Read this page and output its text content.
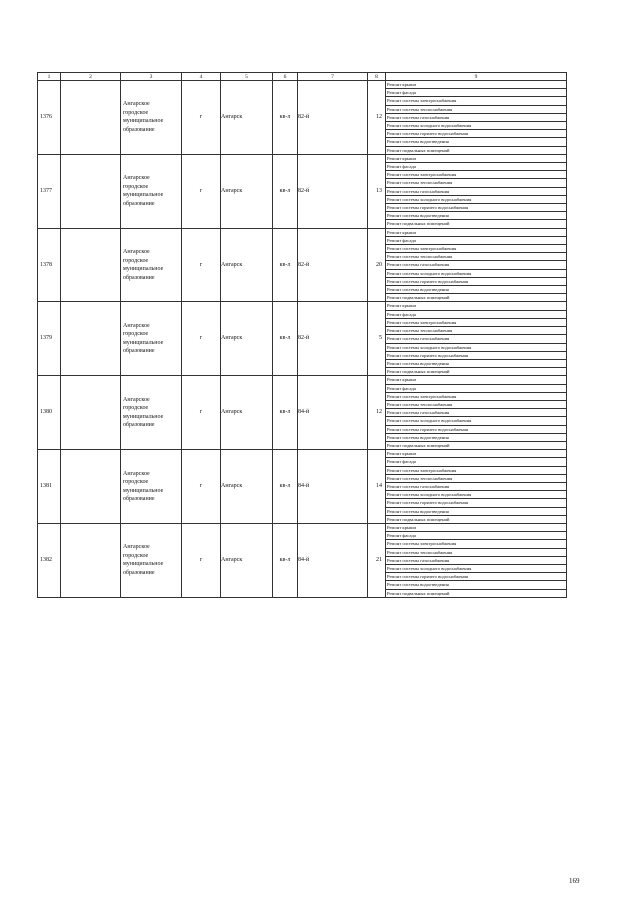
1	2	3	4	5	6	7	8	9
1376		Ангарское
городское
муниципальное
образование	г	Ангарск	кв-л	82-й	12	Ремонт крыши
								Ремонт фасада
								Ремонт системы электроснабжения
								Ремонт системы теплоснабжения
								Ремонт системы газоснабжения
								Ремонт системы холодного водоснабжения
								Ремонт системы горячего водоснабжения
								Ремонт системы водоотведения
								Ремонт подвальных помещений
1377		Ангарское
городское
муниципальное
образование	г	Ангарск	кв-л	82-й	13	Ремонт крыши
								Ремонт фасада
								Ремонт системы электроснабжения
								Ремонт системы теплоснабжения
								Ремонт системы газоснабжения
								Ремонт системы холодного водоснабжения
								Ремонт системы горячего водоснабжения
								Ремонт системы водоотведения
								Ремонт подвальных помещений
1378		Ангарское
городское
муниципальное
образование	г	Ангарск	кв-л	82-й	20	Ремонт крыши
								Ремонт фасада
								Ремонт системы электроснабжения
								Ремонт системы теплоснабжения
								Ремонт системы газоснабжения
								Ремонт системы холодного водоснабжения
								Ремонт системы горячего водоснабжения
								Ремонт системы водоотведения
								Ремонт подвальных помещений
1379		Ангарское
городское
муниципальное
образование	г	Ангарск	кв-л	82-й	5	Ремонт крыши
								Ремонт фасада
								Ремонт системы электроснабжения
								Ремонт системы теплоснабжения
								Ремонт системы газоснабжения
								Ремонт системы холодного водоснабжения
								Ремонт системы горячего водоснабжения
								Ремонт системы водоотведения
								Ремонт подвальных помещений
1380		Ангарское
городское
муниципальное
образование	г	Ангарск	кв-л	84-й	12	Ремонт крыши
								Ремонт фасада
								Ремонт системы электроснабжения
								Ремонт системы теплоснабжения
								Ремонт системы газоснабжения
								Ремонт системы холодного водоснабжения
								Ремонт системы горячего водоснабжения
								Ремонт системы водоотведения
								Ремонт подвальных помещений
1381		Ангарское
городское
муниципальное
образование	г	Ангарск	кв-л	84-й	14	Ремонт крыши
								Ремонт фасада
								Ремонт системы электроснабжения
								Ремонт системы теплоснабжения
								Ремонт системы газоснабжения
								Ремонт системы холодного водоснабжения
								Ремонт системы горячего водоснабжения
								Ремонт системы водоотведения
								Ремонт подвальных помещений
1382		Ангарское
городское
муниципальное
образование	г	Ангарск	кв-л	84-й	21	Ремонт крыши
								Ремонт фасада
								Ремонт системы электроснабжения
								Ремонт системы теплоснабжения
								Ремонт системы газоснабжения
								Ремонт системы холодного водоснабжения
								Ремонт системы горячего водоснабжения
								Ремонт системы водоотведения
								Ремонт подвальных помещений
169
